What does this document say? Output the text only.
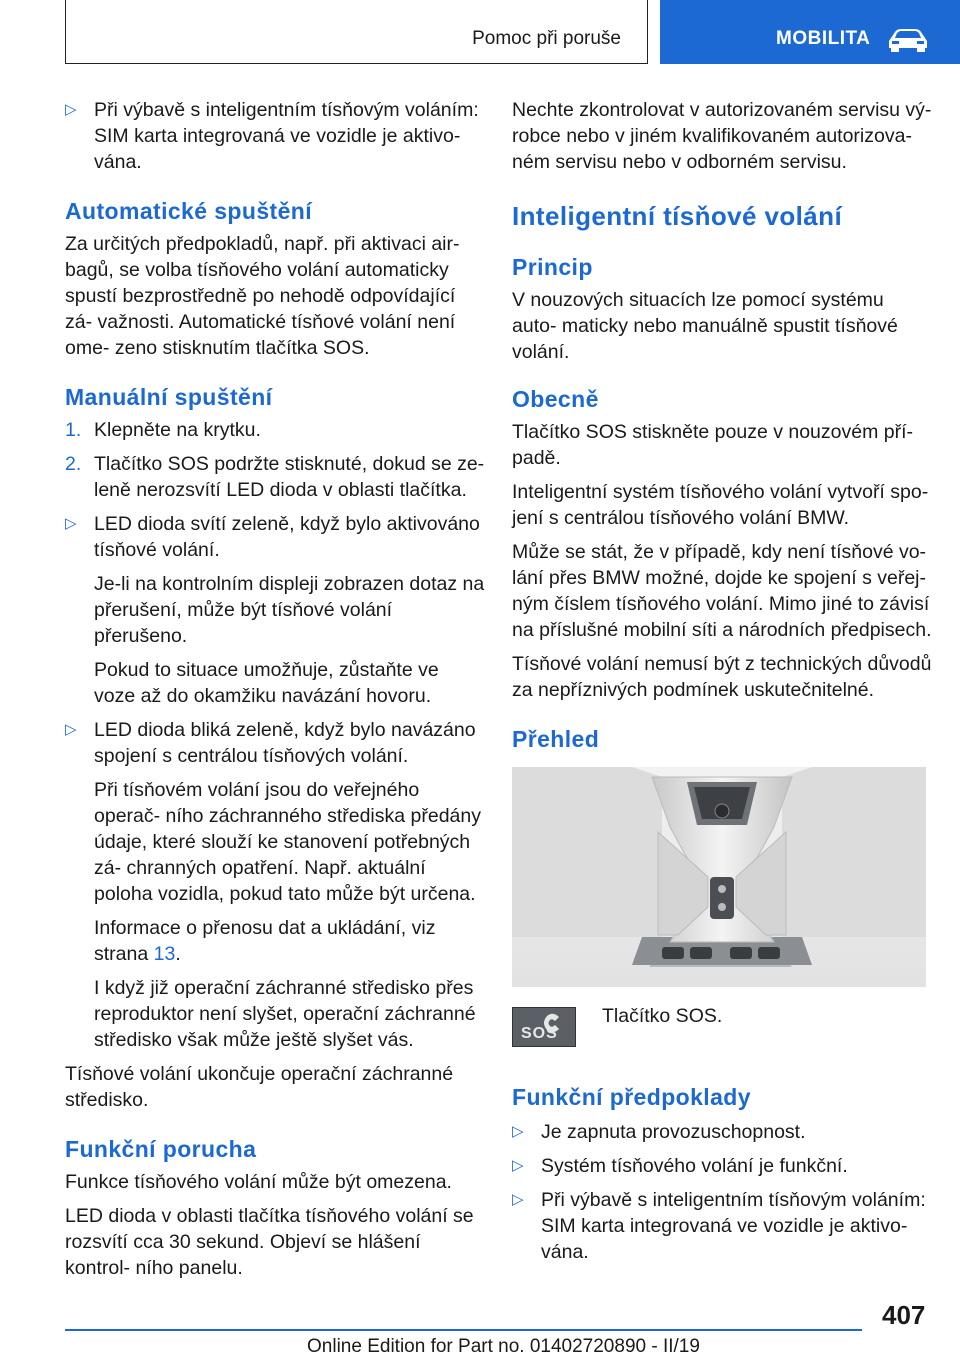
Pomoc při poruše	MOBILITA
▷ Při výbavě s inteligentním tísňovým voláním: SIM karta integrovaná ve vozidle je aktivo‐ vána.
Automatické spuštění

Za určitých předpokladů, např. při aktivaci air‐ bagů, se volba tísňového volání automaticky spustí bezprostředně po nehodě odpovídající zá‐ važnosti. Automatické tísňové volání není ome‐ zeno stisknutím tlačítka SOS.

Manuální spuštění
1. Klepněte na krytku.
2. Tlačítko SOS podržte stisknuté, dokud se ze‐ leně nerozsvítí LED dioda v oblasti tlačítka.
▷ LED dioda svítí zeleně, když bylo aktivováno tísňové volání.
Je-li na kontrolním displeji zobrazen dotaz na přerušení, může být tísňové volání přerušeno.
Pokud to situace umožňuje, zůstaňte ve voze až do okamžiku navázání hovoru.
▷ LED dioda bliká zeleně, když bylo navázáno spojení s centrálou tísňových volání.
Při tísňovém volání jsou do veřejného operač‐ ního záchranného střediska předány údaje, které slouží ke stanovení potřebných zá‐ chranných opatření. Např. aktuální poloha vozidla, pokud tato může být určena.
Informace o přenosu dat a ukládání, viz strana 13.
I když již operační záchranné středisko přes reproduktor není slyšet, operační záchranné středisko však může ještě slyšet vás.

Tísňové volání ukončuje operační záchranné středisko.

Funkční porucha

Funkce tísňového volání může být omezena.

LED dioda v oblasti tlačítka tísňového volání se rozsvítí cca 30 sekund. Objeví se hlášení kontrol‐ ního panelu.

Nechte zkontrolovat v autorizovaném servisu vý‐ robce nebo v jiném kvalifikovaném autorizova‐ ném servisu nebo v odborném servisu.

Inteligentní tísňové volání
Princip

V nouzových situacích lze pomocí systému auto‐ maticky nebo manuálně spustit tísňové volání.

Obecně

Tlačítko SOS stiskněte pouze v nouzovém pří‐ padě.

Inteligentní systém tísňového volání vytvoří spo‐ jení s centrálou tísňového volání BMW.

Může se stát, že v případě, kdy není tísňové vo‐ lání přes BMW možné, dojde ke spojení s veřej‐ ným číslem tísňového volání. Mimo jiné to závisí na příslušné mobilní síti a národních předpisech.

Tísňové volání nemusí být z technických důvodů za nepříznivých podmínek uskutečnitelné.

Přehled
SOS
Tlačítko SOS.
Funkční předpoklady
▷ Je zapnuta provozuschopnost.
▷ Systém tísňového volání je funkční.
▷ Při výbavě s inteligentním tísňovým voláním: SIM karta integrovaná ve vozidle je aktivo‐ vána.
407
Online Edition for Part no. 01402720890 - II/19
